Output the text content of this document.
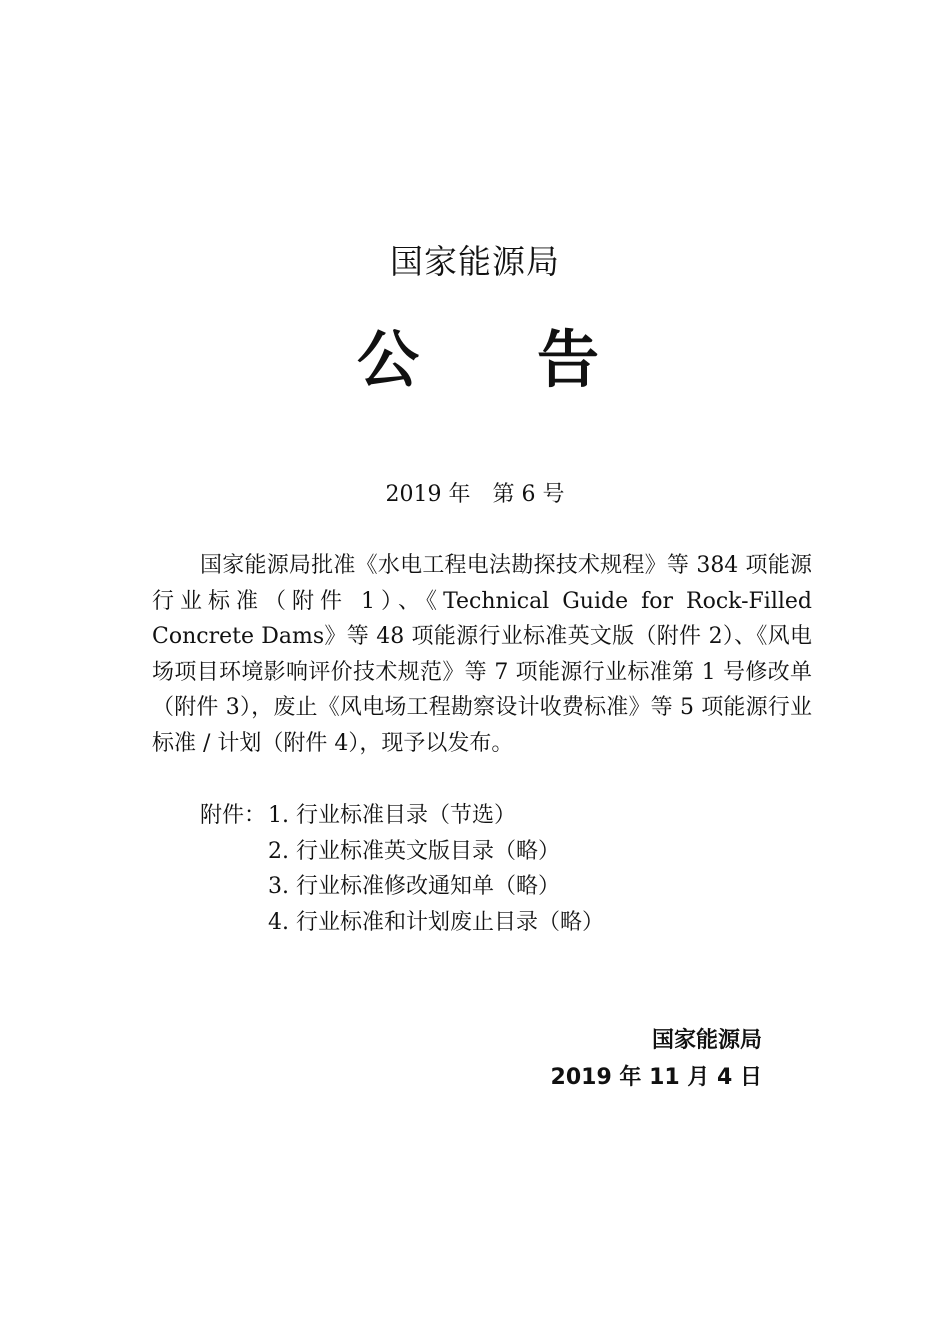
国家能源局
公 告
2019 年 第 6 号

国家能源局批准《水电工程电法勘探技术规程》等 384 项能源行业标准（附件 1）、《Technical Guide for Rock-Filled Concrete Dams》等 48 项能源行业标准英文版（附件 2）、《风电场项目环境影响评价技术规范》等 7 项能源行业标准第 1 号修改单（附件 3），废止《风电场工程勘察设计收费标准》等 5 项能源行业标准 / 计划（附件 4），现予以发布。

附件： 1. 行业标准目录（节选）
2. 行业标准英文版目录（略）
3. 行业标准修改通知单（略）
4. 行业标准和计划废止目录（略）
国家能源局
2019 年 11 月 4 日
